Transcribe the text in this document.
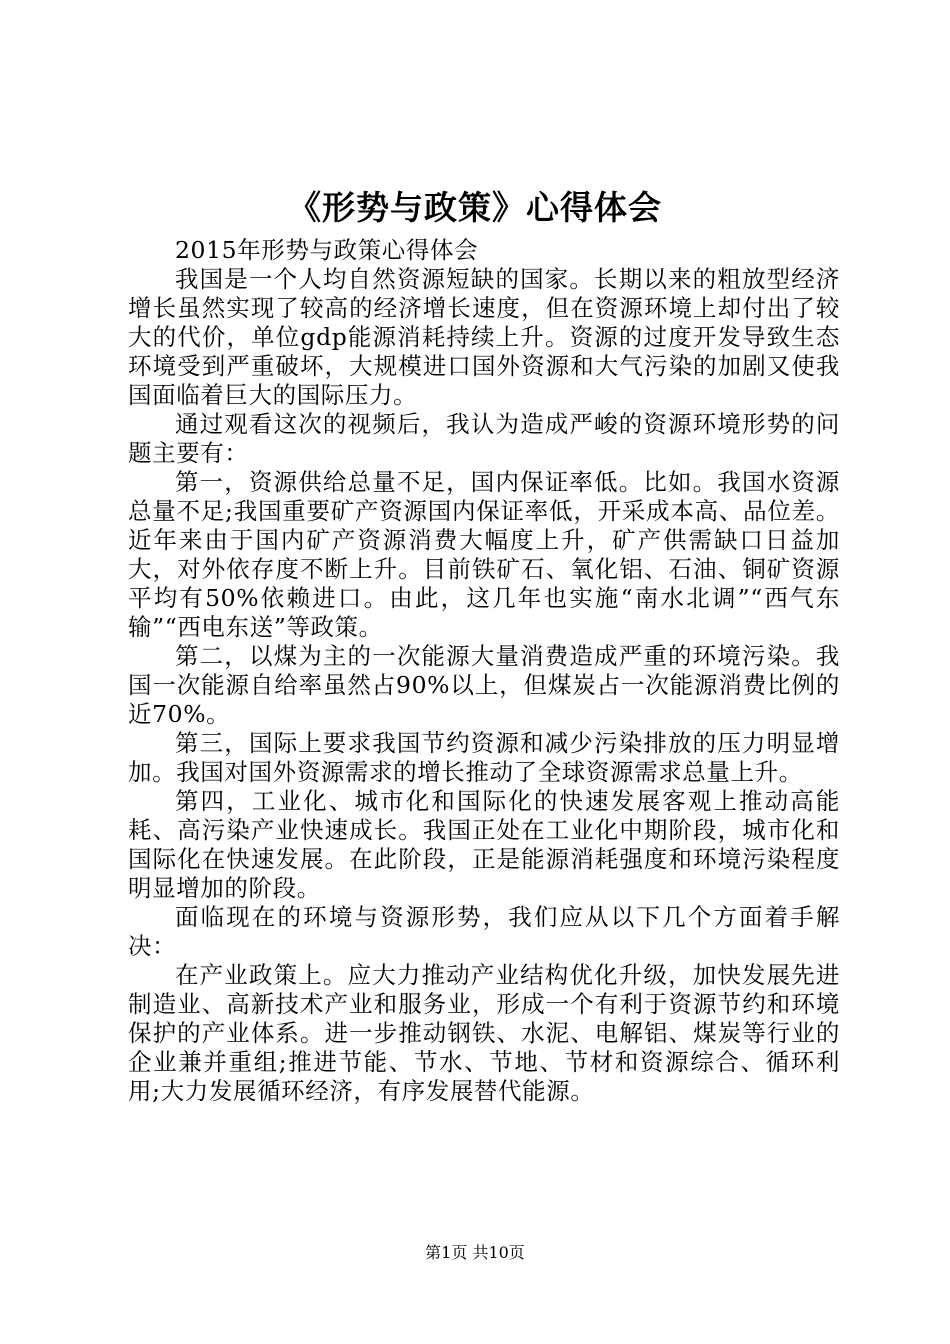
《形势与政策》心得体会

2015年形势与政策心得体会

我国是一个人均自然资源短缺的国家。长期以来的粗放型经济增长虽然实现了较高的经济增长速度，但在资源环境上却付出了较大的代价，单位gdp能源消耗持续上升。资源的过度开发导致生态环境受到严重破坏，大规模进口国外资源和大气污染的加剧又使我国面临着巨大的国际压力。

通过观看这次的视频后，我认为造成严峻的资源环境形势的问题主要有：

第一，资源供给总量不足，国内保证率低。比如。我国水资源总量不足;我国重要矿产资源国内保证率低，开采成本高、品位差。近年来由于国内矿产资源消费大幅度上升，矿产供需缺口日益加大，对外依存度不断上升。目前铁矿石、氧化铝、石油、铜矿资源平均有50%依赖进口。由此，这几年也实施“南水北调”“西气东输”“西电东送”等政策。

第二，以煤为主的一次能源大量消费造成严重的环境污染。我国一次能源自给率虽然占90%以上，但煤炭占一次能源消费比例的近70%。

第三，国际上要求我国节约资源和减少污染排放的压力明显增加。我国对国外资源需求的增长推动了全球资源需求总量上升。

第四，工业化、城市化和国际化的快速发展客观上推动高能耗、高污染产业快速成长。我国正处在工业化中期阶段，城市化和国际化在快速发展。在此阶段，正是能源消耗强度和环境污染程度明显增加的阶段。

面临现在的环境与资源形势，我们应从以下几个方面着手解决：

在产业政策上。应大力推动产业结构优化升级，加快发展先进制造业、高新技术产业和服务业，形成一个有利于资源节约和环境保护的产业体系。进一步推动钢铁、水泥、电解铝、煤炭等行业的企业兼并重组;推进节能、节水、节地、节材和资源综合、循环利用;大力发展循环经济，有序发展替代能源。

第1页 共10页
